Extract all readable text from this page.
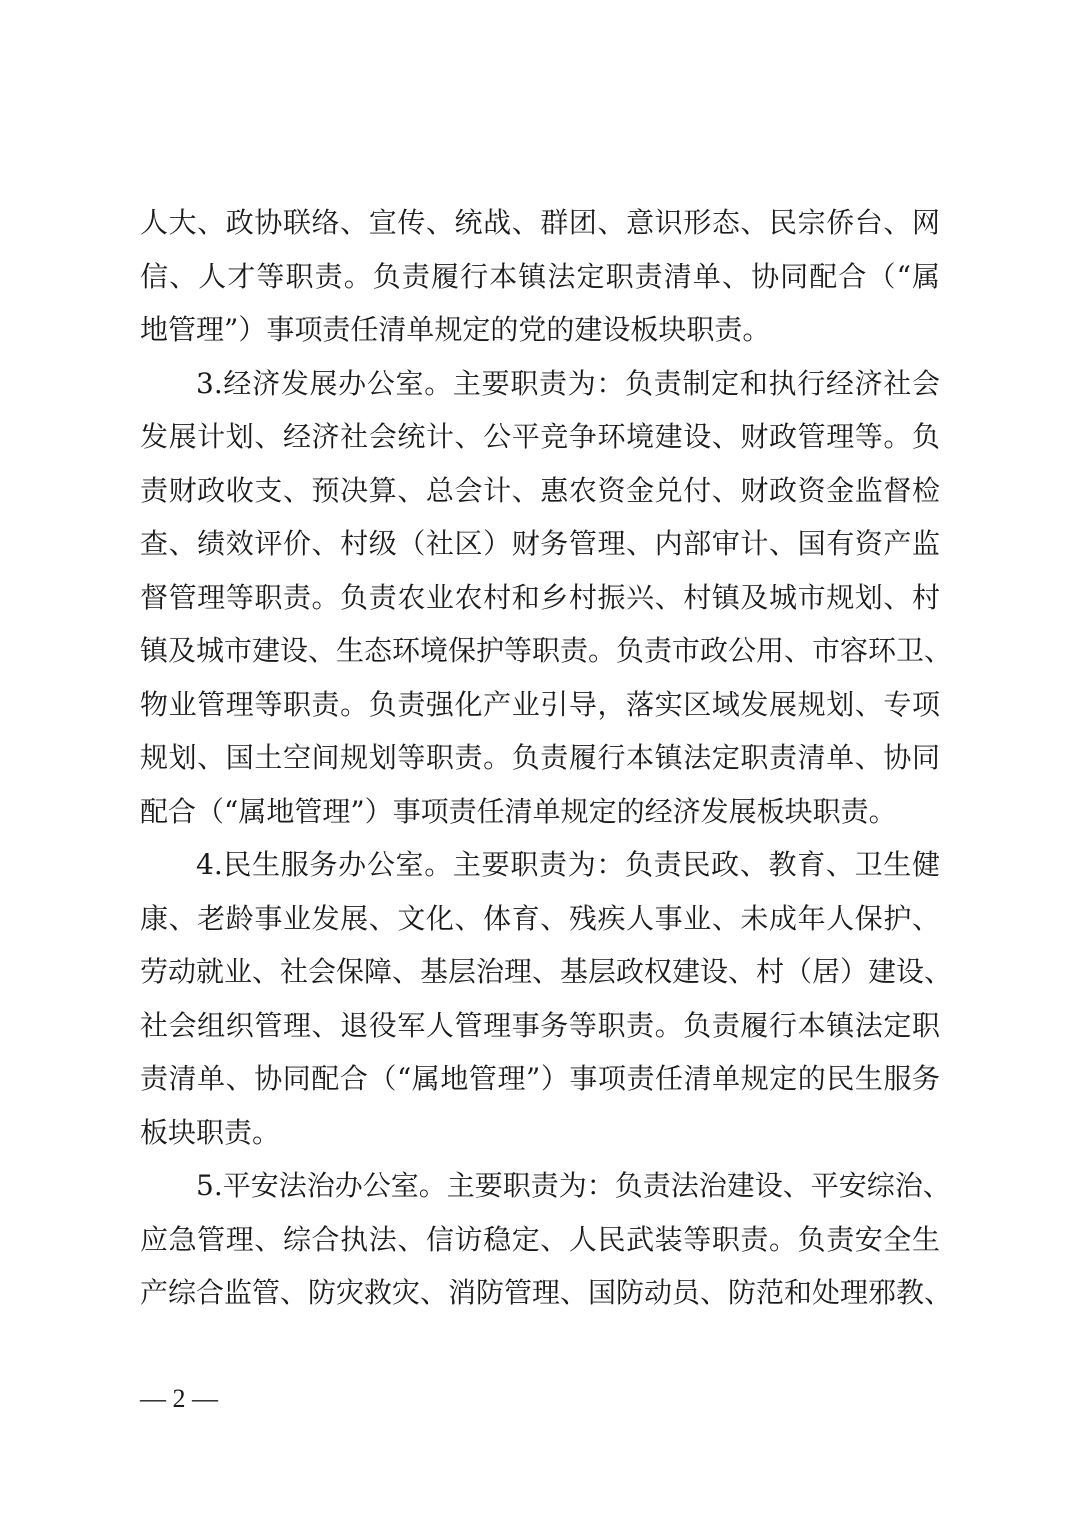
人大、政协联络、宣传、统战、群团、意识形态、民宗侨台、网
信、人才等职责。负责履行本镇法定职责清单、协同配合（“属
地管理”）事项责任清单规定的党的建设板块职责。
3.经济发展办公室。主要职责为：负责制定和执行经济社会
发展计划、经济社会统计、公平竞争环境建设、财政管理等。负
责财政收支、预决算、总会计、惠农资金兑付、财政资金监督检
查、绩效评价、村级（社区）财务管理、内部审计、国有资产监
督管理等职责。负责农业农村和乡村振兴、村镇及城市规划、村
镇及城市建设、生态环境保护等职责。负责市政公用、市容环卫、
物业管理等职责。负责强化产业引导，落实区域发展规划、专项
规划、国土空间规划等职责。负责履行本镇法定职责清单、协同
配合（“属地管理”）事项责任清单规定的经济发展板块职责。
4.民生服务办公室。主要职责为：负责民政、教育、卫生健
康、老龄事业发展、文化、体育、残疾人事业、未成年人保护、
劳动就业、社会保障、基层治理、基层政权建设、村（居）建设、
社会组织管理、退役军人管理事务等职责。负责履行本镇法定职
责清单、协同配合（“属地管理”）事项责任清单规定的民生服务
板块职责。
5.平安法治办公室。主要职责为：负责法治建设、平安综治、
应急管理、综合执法、信访稳定、人民武装等职责。负责安全生
产综合监管、防灾救灾、消防管理、国防动员、防范和处理邪教、
— 2 —
